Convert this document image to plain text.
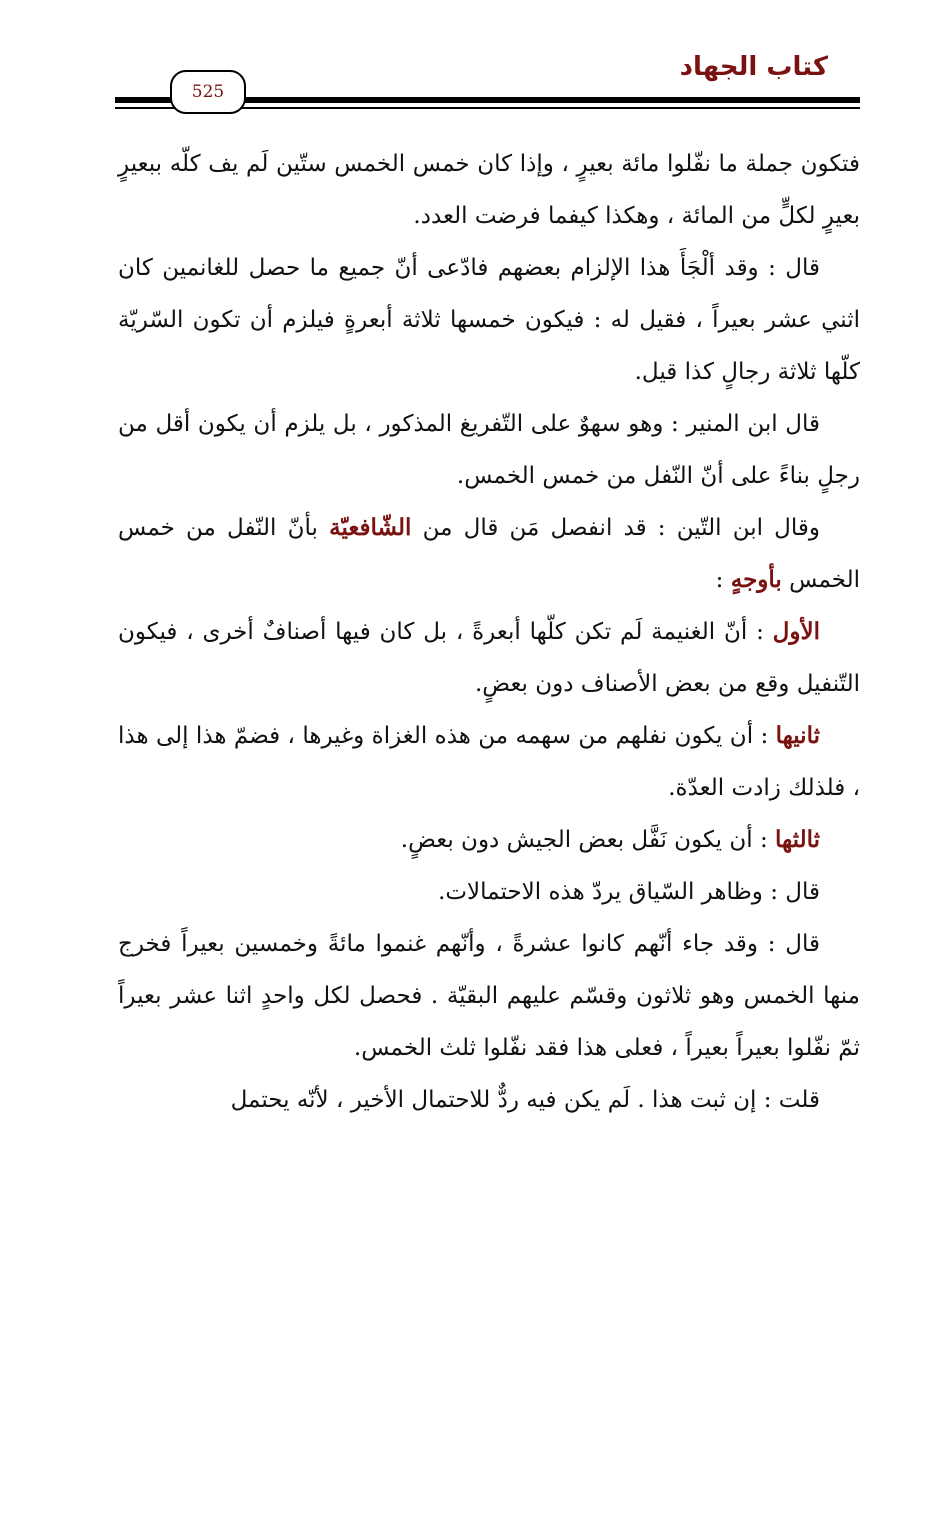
كتاب الجهاد
525

فتكون جملة ما نفّلوا مائة بعيرٍ ، وإذا كان خمس الخمس ستّين لَم يف كلّه ببعيرٍ بعيرٍ لكلٍّ من المائة ، وهكذا كيفما فرضت العدد.

قال : وقد ألْجَأَ هذا الإلزام بعضهم فادّعى أنّ جميع ما حصل للغانمين كان اثني عشر بعيراً ، فقيل له : فيكون خمسها ثلاثة أبعرةٍ فيلزم أن تكون السّريّة كلّها ثلاثة رجالٍ كذا قيل.

قال ابن المنير : وهو سهوٌ على التّفريغ المذكور ، بل يلزم أن يكون أقل من رجلٍ بناءً على أنّ النّفل من خمس الخمس.

وقال ابن التّين : قد انفصل مَن قال من الشّافعيّة بأنّ النّفل من خمس الخمس بأوجهٍ :

الأول : أنّ الغنيمة لَم تكن كلّها أبعرةً ، بل كان فيها أصنافٌ أخرى ، فيكون التّنفيل وقع من بعض الأصناف دون بعضٍ.

ثانيها : أن يكون نفلهم من سهمه من هذه الغزاة وغيرها ، فضمّ هذا إلى هذا ، فلذلك زادت العدّة.

ثالثها : أن يكون نَفَّل بعض الجيش دون بعضٍ.

قال : وظاهر السّياق يردّ هذه الاحتمالات.

قال : وقد جاء أنّهم كانوا عشرةً ، وأنّهم غنموا مائةً وخمسين بعيراً فخرج منها الخمس وهو ثلاثون وقسّم عليهم البقيّة . فحصل لكل واحدٍ اثنا عشر بعيراً ثمّ نفّلوا بعيراً بعيراً ، فعلى هذا فقد نفّلوا ثلث الخمس.

قلت : إن ثبت هذا . لَم يكن فيه ردٌّ للاحتمال الأخير ، لأنّه يحتمل
